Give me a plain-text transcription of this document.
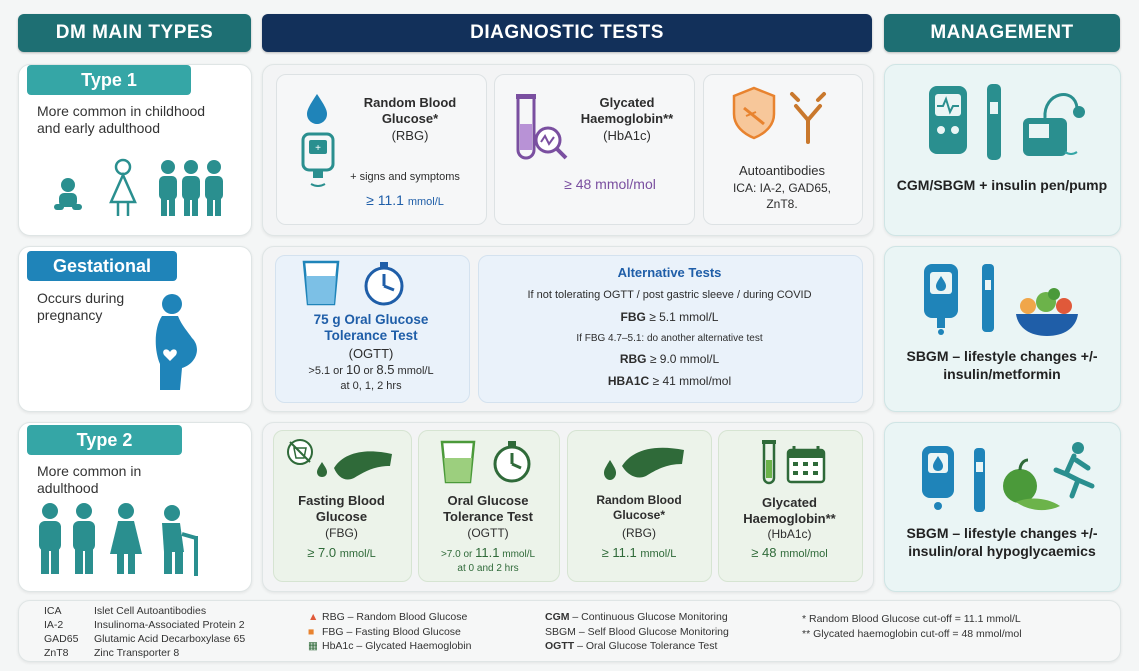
DM MAIN TYPES	DIAGNOSTIC TESTS	MANAGEMENT
Type 1
More common in childhood and early adulthood
+
Random Blood Glucose*
(RBG)
+ signs and symptoms
≥ 11.1 mmol/L
Glycated Haemoglobin**
(HbA1c)
≥ 48 mmol/mol
Autoantibodies
ICA: IA-2, GAD65,
ZnT8.
CGM/SBGM + insulin pen/pump
Gestational
Occurs during pregnancy	75 g Oral Glucose Tolerance Test
(OGTT)
>5.1 or 10 or 8.5 mmol/L
at 0, 1, 2 hrs
Alternative Tests
If not tolerating OGTT / post gastric sleeve / during COVID
FBG ≥ 5.1 mmol/L
If FBG 4.7–5.1: do another alternative test
RBG ≥ 9.0 mmol/L
HBA1C ≥ 41 mmol/mol
SBGM – lifestyle changes +/- insulin/metformin
Type 2
More common in adulthood
Fasting Blood Glucose
(FBG)
≥ 7.0 mmol/L
Oral Glucose Tolerance Test
(OGTT)
>7.0 or 11.1 mmol/L
at 0 and 2 hrs
Random Blood Glucose*
(RBG)
≥ 11.1 mmol/L
Glycated Haemoglobin**
(HbA1c)
≥ 48 mmol/mol
SBGM – lifestyle changes +/- insulin/oral hypoglycaemics
ICA	Islet Cell Autoantibodies
IA-2	Insulinoma-Associated Protein 2
GAD65 Glutamic Acid Decarboxylase 65
ZnT8 Zinc Transporter 8
▲ RBG – Random Blood Glucose
■ FBG – Fasting Blood Glucose
▦ HbA1c – Glycated Haemoglobin
CGM – Continuous Glucose Monitoring
SBGM – Self Blood Glucose Monitoring
OGTT – Oral Glucose Tolerance Test
* Random Blood Glucose cut-off = 11.1 mmol/L
** Glycated haemoglobin cut-off = 48 mmol/mol
